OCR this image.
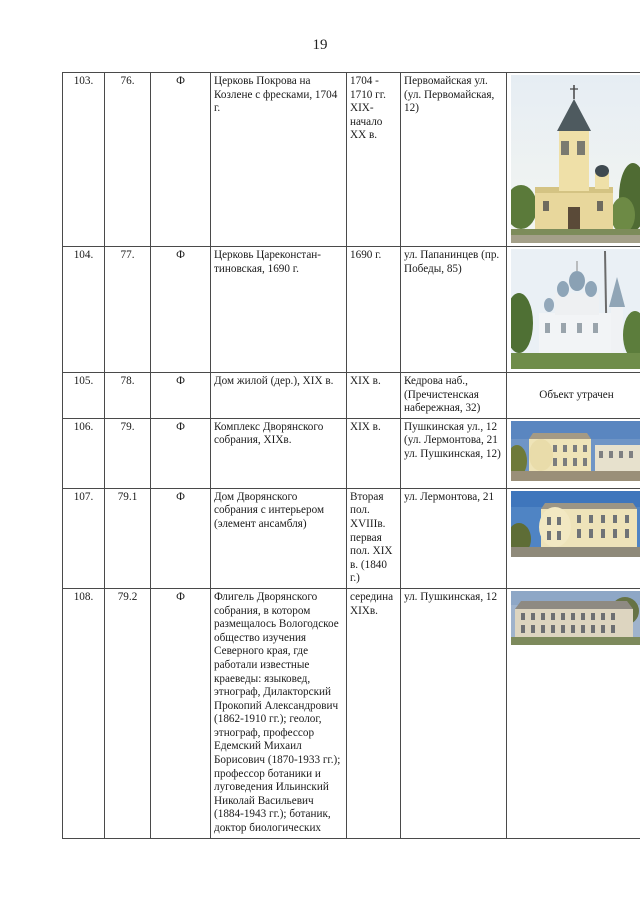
19
103.	76.	Ф	Церковь Покрова на Козлене с фресками, 1704 г.	1704 - 1710 гг. XIX- начало XX в.	Первомайская ул. (ул. Первомайская, 12)	

104.	77.	Ф	Церковь Цареконстан- тиновская, 1690 г.	1690 г.	ул. Папанинцев (пр. Победы, 85)	

105.	78.	Ф	Дом жилой (дер.), XIX в.	XIX в.	Кедрова наб., (Пречистенская набережная, 32)	Объект утрачен
106.	79.	Ф	Комплекс Дворянского собрания, XIXв.	XIX в.	Пушкинская ул., 12 (ул. Лермонтова, 21 ул. Пушкинская, 12)	

107.	79.1	Ф	Дом Дворянского собрания с интерьером (элемент ансамбля)	Вторая пол. XVIIIв. первая пол. XIX в. (1840 г.)	ул. Лермонтова, 21	

108.	79.2	Ф	Флигель Дворянского собрания, в котором размещалось Вологодское общество изучения Северного края, где работали известные краеведы: языковед, этнограф, Дилакторский Прокопий Александрович (1862-1910 гг.); геолог, этнограф, профессор Едемский Михаил Борисович (1870-1933 гг.); профессор ботаники и луговедения Ильинский Николай Васильевич (1884-1943 гг.); ботаник, доктор биологических	середина XIXв.	ул. Пушкинская, 12	
